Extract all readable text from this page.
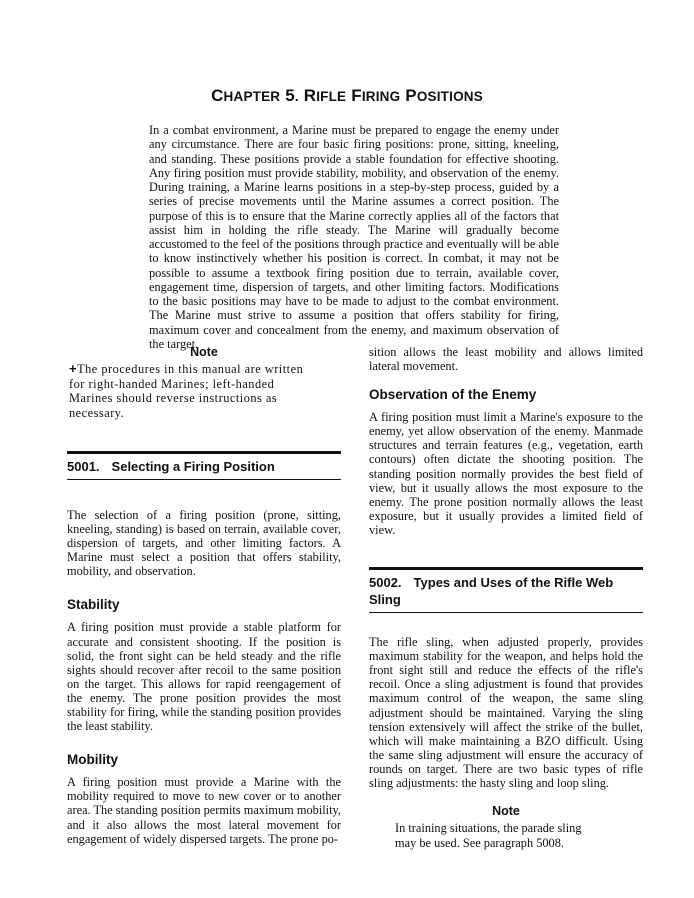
CHAPTER 5. RIFLE FIRING POSITIONS

In a combat environment, a Marine must be prepared to engage the enemy under any circumstance. There are four basic firing positions: prone, sitting, kneeling, and standing. These positions provide a stable foundation for effective shooting. Any firing position must provide stability, mobility, and observation of the enemy. During training, a Marine learns positions in a step-by-step process, guided by a series of precise movements until the Marine assumes a correct position. The purpose of this is to ensure that the Marine correctly applies all of the factors that assist him in holding the rifle steady. The Marine will gradually become accustomed to the feel of the positions through practice and eventually will be able to know instinctively whether his position is correct. In combat, it may not be possible to assume a textbook firing position due to terrain, available cover, engagement time, dispersion of targets, and other limiting factors. Modifications to the basic positions may have to be made to adjust to the combat environment. The Marine must strive to assume a position that offers stability for firing, maximum cover and concealment from the enemy, and maximum observation of the target.

Note

+The procedures in this manual are written for right-handed Marines; left-handed Marines should reverse instructions as necessary.

5001. Selecting a Firing Position

The selection of a firing position (prone, sitting, kneeling, standing) is based on terrain, available cover, dispersion of targets, and other limiting factors. A Marine must select a position that offers stability, mobility, and observation.

Stability

A firing position must provide a stable platform for accurate and consistent shooting. If the position is solid, the front sight can be held steady and the rifle sights should recover after recoil to the same position on the target. This allows for rapid reengagement of the enemy. The prone position provides the most stability for firing, while the standing position provides the least stability.

Mobility

A firing position must provide a Marine with the mobility required to move to new cover or to another area. The standing position permits maximum mobility, and it also allows the most lateral movement for engagement of widely dispersed targets. The prone po-

sition allows the least mobility and allows limited lateral movement.

Observation of the Enemy

A firing position must limit a Marine's exposure to the enemy, yet allow observation of the enemy. Manmade structures and terrain features (e.g., vegetation, earth contours) often dictate the shooting position. The standing position normally provides the best field of view, but it usually allows the most exposure to the enemy. The prone position normally allows the least exposure, but it usually provides a limited field of view.

5002. Types and Uses of the Rifle Web Sling

The rifle sling, when adjusted properly, provides maximum stability for the weapon, and helps hold the front sight still and reduce the effects of the rifle's recoil. Once a sling adjustment is found that provides maximum control of the weapon, the same sling adjustment should be maintained. Varying the sling tension extensively will affect the strike of the bullet, which will make maintaining a BZO difficult. Using the same sling adjustment will ensure the accuracy of rounds on target. There are two basic types of rifle sling adjustments: the hasty sling and loop sling.

Note

In training situations, the parade sling may be used. See paragraph 5008.
